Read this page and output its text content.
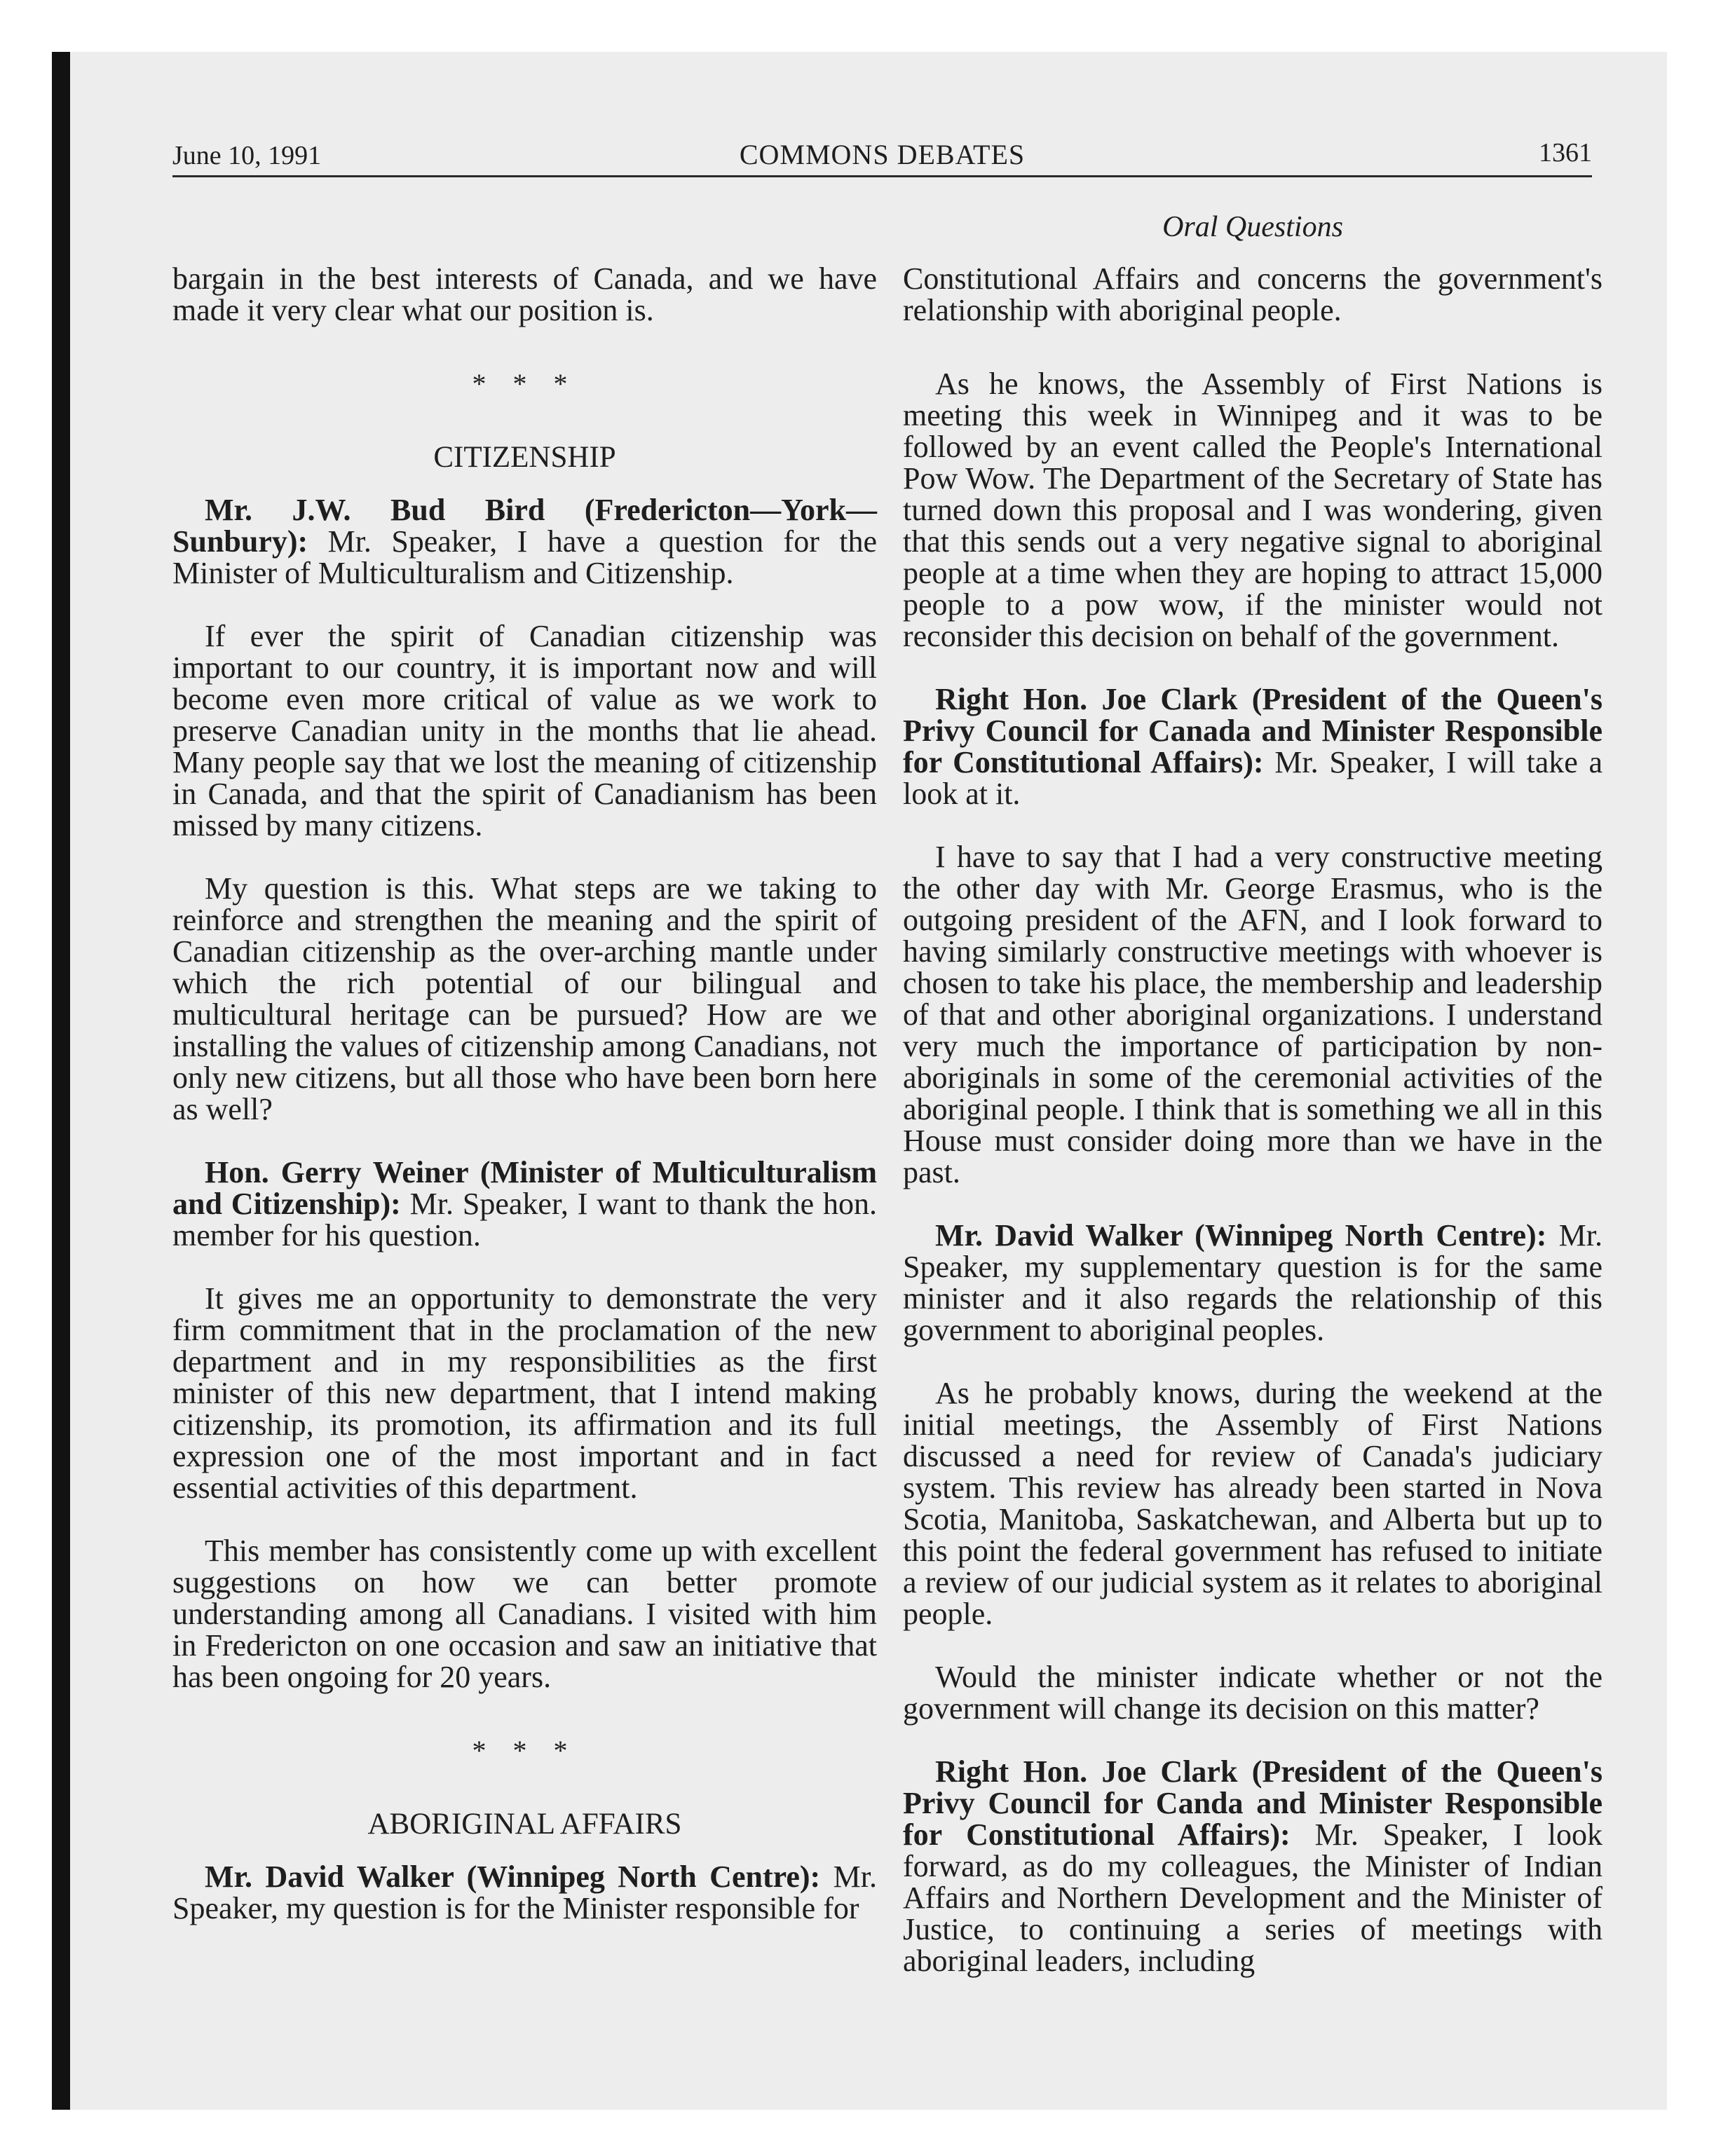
June 10, 1991	COMMONS DEBATES	1361
Oral Questions

bargain in the best interests of Canada, and we have made it very clear what our position is.

* * *
CITIZENSHIP

Mr. J.W. Bud Bird (Fredericton—York—Sunbury): Mr. Speaker, I have a question for the Minister of Multiculturalism and Citizenship.

If ever the spirit of Canadian citizenship was important to our country, it is important now and will become even more critical of value as we work to preserve Canadian unity in the months that lie ahead. Many people say that we lost the meaning of citizenship in Canada, and that the spirit of Canadianism has been missed by many citizens.

My question is this. What steps are we taking to reinforce and strengthen the meaning and the spirit of Canadian citizenship as the over-arching mantle under which the rich potential of our bilingual and multicultural heritage can be pursued? How are we installing the values of citizenship among Canadians, not only new citizens, but all those who have been born here as well?

Hon. Gerry Weiner (Minister of Multiculturalism and Citizenship): Mr. Speaker, I want to thank the hon. member for his question.

It gives me an opportunity to demonstrate the very firm commitment that in the proclamation of the new department and in my responsibilities as the first minister of this new department, that I intend making citizenship, its promotion, its affirmation and its full expression one of the most important and in fact essential activities of this department.

This member has consistently come up with excellent suggestions on how we can better promote understanding among all Canadians. I visited with him in Fredericton on one occasion and saw an initiative that has been ongoing for 20 years.

* * *
ABORIGINAL AFFAIRS

Mr. David Walker (Winnipeg North Centre): Mr. Speaker, my question is for the Minister responsible for

Constitutional Affairs and concerns the government's relationship with aboriginal people.

As he knows, the Assembly of First Nations is meeting this week in Winnipeg and it was to be followed by an event called the People's International Pow Wow. The Department of the Secretary of State has turned down this proposal and I was wondering, given that this sends out a very negative signal to aboriginal people at a time when they are hoping to attract 15,000 people to a pow wow, if the minister would not reconsider this decision on behalf of the government.

Right Hon. Joe Clark (President of the Queen's Privy Council for Canada and Minister Responsible for Constitutional Affairs): Mr. Speaker, I will take a look at it.

I have to say that I had a very constructive meeting the other day with Mr. George Erasmus, who is the outgoing president of the AFN, and I look forward to having similarly constructive meetings with whoever is chosen to take his place, the membership and leadership of that and other aboriginal organizations. I understand very much the importance of participation by non-aboriginals in some of the ceremonial activities of the aboriginal people. I think that is something we all in this House must consider doing more than we have in the past.

Mr. David Walker (Winnipeg North Centre): Mr. Speaker, my supplementary question is for the same minister and it also regards the relationship of this government to aboriginal peoples.

As he probably knows, during the weekend at the initial meetings, the Assembly of First Nations discussed a need for review of Canada's judiciary system. This review has already been started in Nova Scotia, Manitoba, Saskatchewan, and Alberta but up to this point the federal government has refused to initiate a review of our judicial system as it relates to aboriginal people.

Would the minister indicate whether or not the government will change its decision on this matter?

Right Hon. Joe Clark (President of the Queen's Privy Council for Canda and Minister Responsible for Constitutional Affairs): Mr. Speaker, I look forward, as do my colleagues, the Minister of Indian Affairs and Northern Development and the Minister of Justice, to continuing a series of meetings with aboriginal leaders, including
